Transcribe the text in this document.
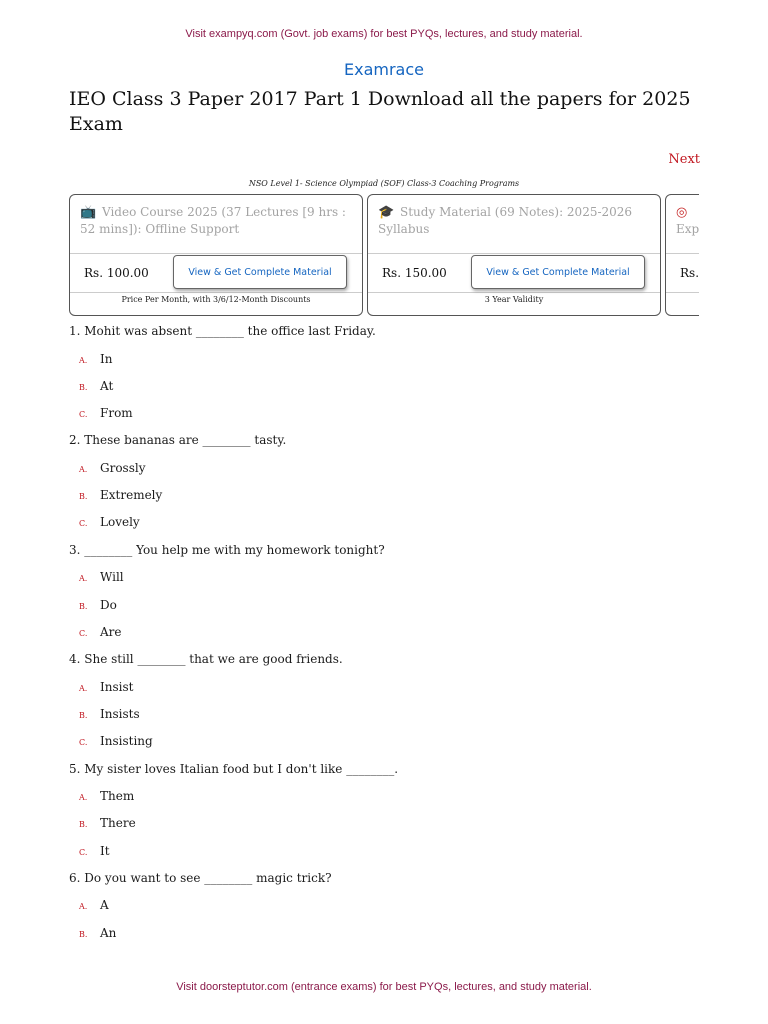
Visit exampyq.com (Govt. job exams) for best PYQs, lectures, and study material.
Examrace
IEO Class 3 Paper 2017 Part 1 Download all the papers for 2025 Exam
Next
NSO Level 1- Science Olympiad (SOF) Class-3 Coaching Programs
📺 Video Course 2025 (37 Lectures [9 hrs : 52 mins]): Offline Support
Rs. 100.00	View & Get Complete Material
Price Per Month, with 3/6/12-Month Discounts
🎓 Study Material (69 Notes): 2025-2026 Syllabus
Rs. 150.00	View & Get Complete Material
3 Year Validity
◎
Exp
Rs.
1. Mohit was absent ________ the office last Friday.
A. In
B. At
C. From
2. These bananas are ________ tasty.
A. Grossly
B. Extremely
C. Lovely
3. ________ You help me with my homework tonight?
A. Will
B. Do
C. Are
4. She still ________ that we are good friends.
A. Insist
B. Insists
C. Insisting
5. My sister loves Italian food but I don't like ________.
A. Them
B. There
C. It
6. Do you want to see ________ magic trick?
A. A
B. An
Visit doorsteptutor.com (entrance exams) for best PYQs, lectures, and study material.
